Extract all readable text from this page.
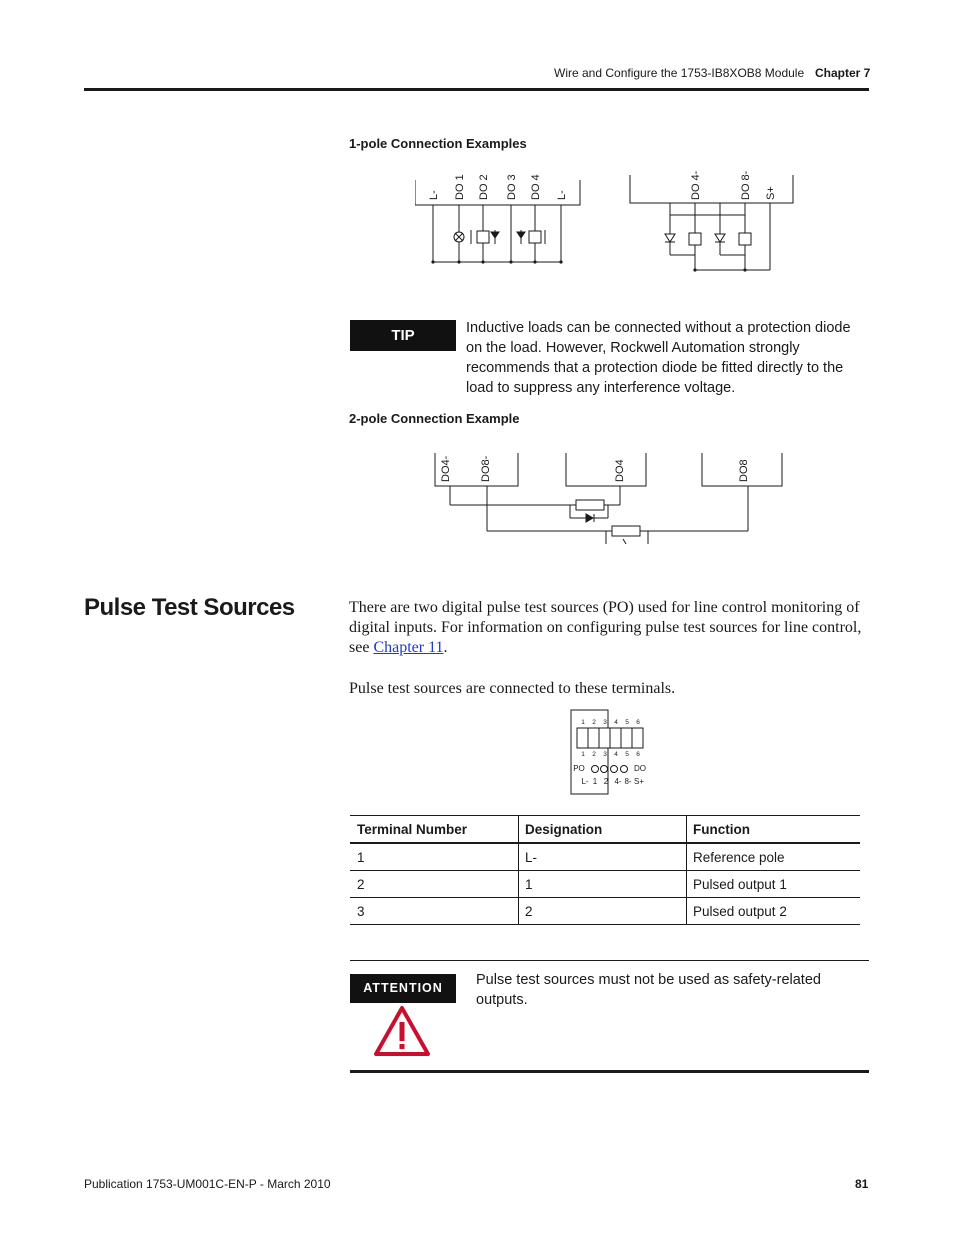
Wire and Configure the 1753-IB8XOB8 Module Chapter 7
1-pole Connection Examples
L- DO 1 DO 2 DO 3 DO 4 L-	DO 4-	DO 8- S+
TIP	Inductive loads can be connected without a protection diode on the load. However, Rockwell Automation strongly recommends that a protection diode be fitted directly to the load to suppress any interference voltage.
2-pole Connection Example
DO4-	DO8-	DO4	DO8
Pulse Test Sources	There are two digital pulse test sources (PO) used for line control monitoring of digital inputs. For information on configuring pulse test sources for line control, see Chapter 11.
Pulse test sources are connected to these terminals.
1 2 3 4 5 6
1 2 3 4 5 6
PO	DO
L- 1 2 4- 8- S+
Terminal Number	Designation	Function
1	L-	Reference pole
2	1	Pulsed output 1
3	2	Pulsed output 2
ATTENTION	Pulse test sources must not be used as safety-related outputs.
Publication 1753-UM001C-EN-P - March 2010	81
